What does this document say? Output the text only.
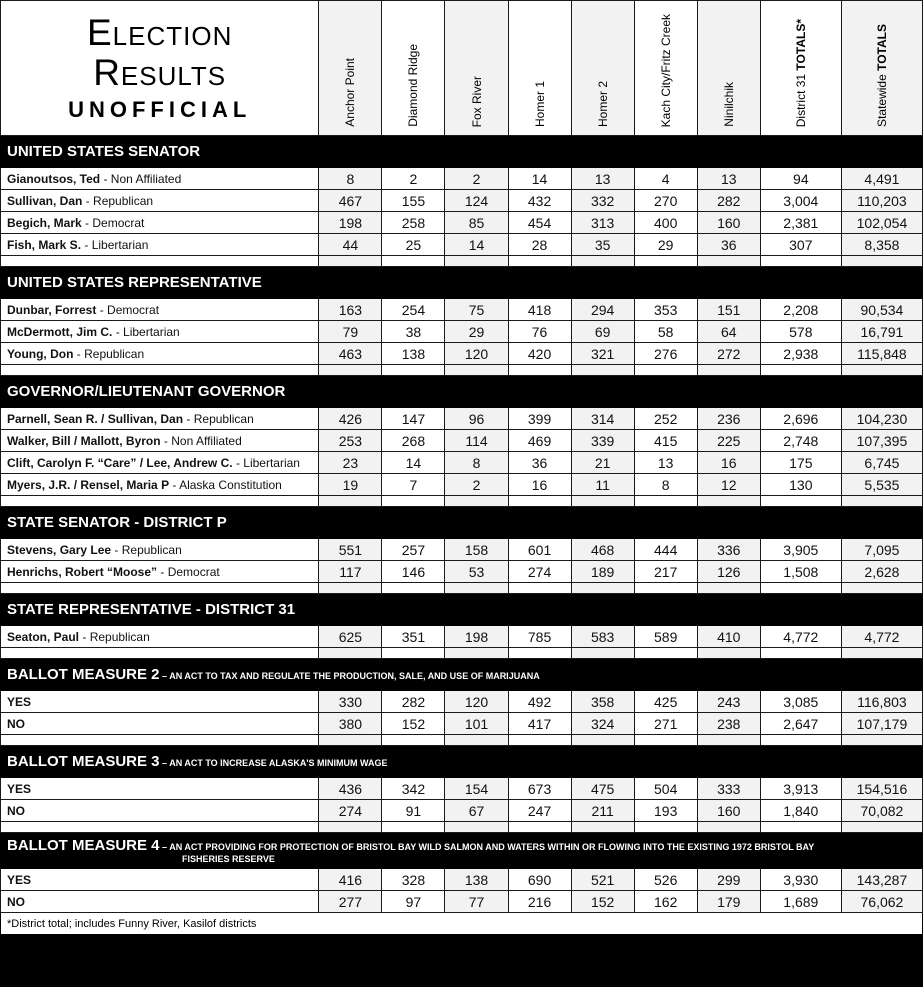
Election
Results
UNOFFICIAL	Anchor Point	Diamond Ridge	Fox River	Homer 1	Homer 2	Kach City/Fritz Creek	Ninilchik	District 31 TOTALS*	Statewide TOTALS

UNITED STATES SENATOR									
Gianoutsos, Ted - Non Affiliated	8	2	2	14	13	4	13	94	4,491
Sullivan, Dan - Republican	467	155	124	432	332	270	282	3,004	110,203
Begich, Mark - Democrat	198	258	85	454	313	400	160	2,381	102,054
Fish, Mark S. - Libertarian	44	25	14	28	35	29	36	307	8,358

UNITED STATES REPRESENTATIVE									
Dunbar, Forrest - Democrat	163	254	75	418	294	353	151	2,208	90,534
McDermott, Jim C. - Libertarian	79	38	29	76	69	58	64	578	16,791
Young, Don - Republican	463	138	120	420	321	276	272	2,938	115,848

GOVERNOR/LIEUTENANT GOVERNOR									
Parnell, Sean R. / Sullivan, Dan - Republican	426	147	96	399	314	252	236	2,696	104,230
Walker, Bill / Mallott, Byron - Non Affiliated	253	268	114	469	339	415	225	2,748	107,395
Clift, Carolyn F. “Care” / Lee, Andrew C. - Libertarian	23	14	8	36	21	13	16	175	6,745
Myers, J.R. / Rensel, Maria P - Alaska Constitution	19	7	2	16	11	8	12	130	5,535

STATE SENATOR - DISTRICT P									
Stevens, Gary Lee - Republican	551	257	158	601	468	444	336	3,905	7,095
Henrichs, Robert “Moose” - Democrat	117	146	53	274	189	217	126	1,508	2,628

STATE REPRESENTATIVE - DISTRICT 31									
Seaton, Paul - Republican	625	351	198	785	583	589	410	4,772	4,772

BALLOT MEASURE 2 – AN ACT TO TAX AND REGULATE THE PRODUCTION, SALE, AND USE OF MARIJUANA									
YES	330	282	120	492	358	425	243	3,085	116,803
NO	380	152	101	417	324	271	238	2,647	107,179

BALLOT MEASURE 3 – AN ACT TO INCREASE ALASKA'S MINIMUM WAGE									
YES	436	342	154	673	475	504	333	3,913	154,516
NO	274	91	67	247	211	193	160	1,840	70,082

BALLOT MEASURE 4 – AN ACT PROVIDING FOR PROTECTION OF BRISTOL BAY WILD SALMON AND WATERS WITHIN OR FLOWING INTO THE EXISTING 1972 BRISTOL BAY
FISHERIES RESERVE									

YES	416	328	138	690	521	526	299	3,930	143,287
NO	277	97	77	216	152	162	179	1,689	76,062
*District total; includes Funny River, Kasilof districts									
